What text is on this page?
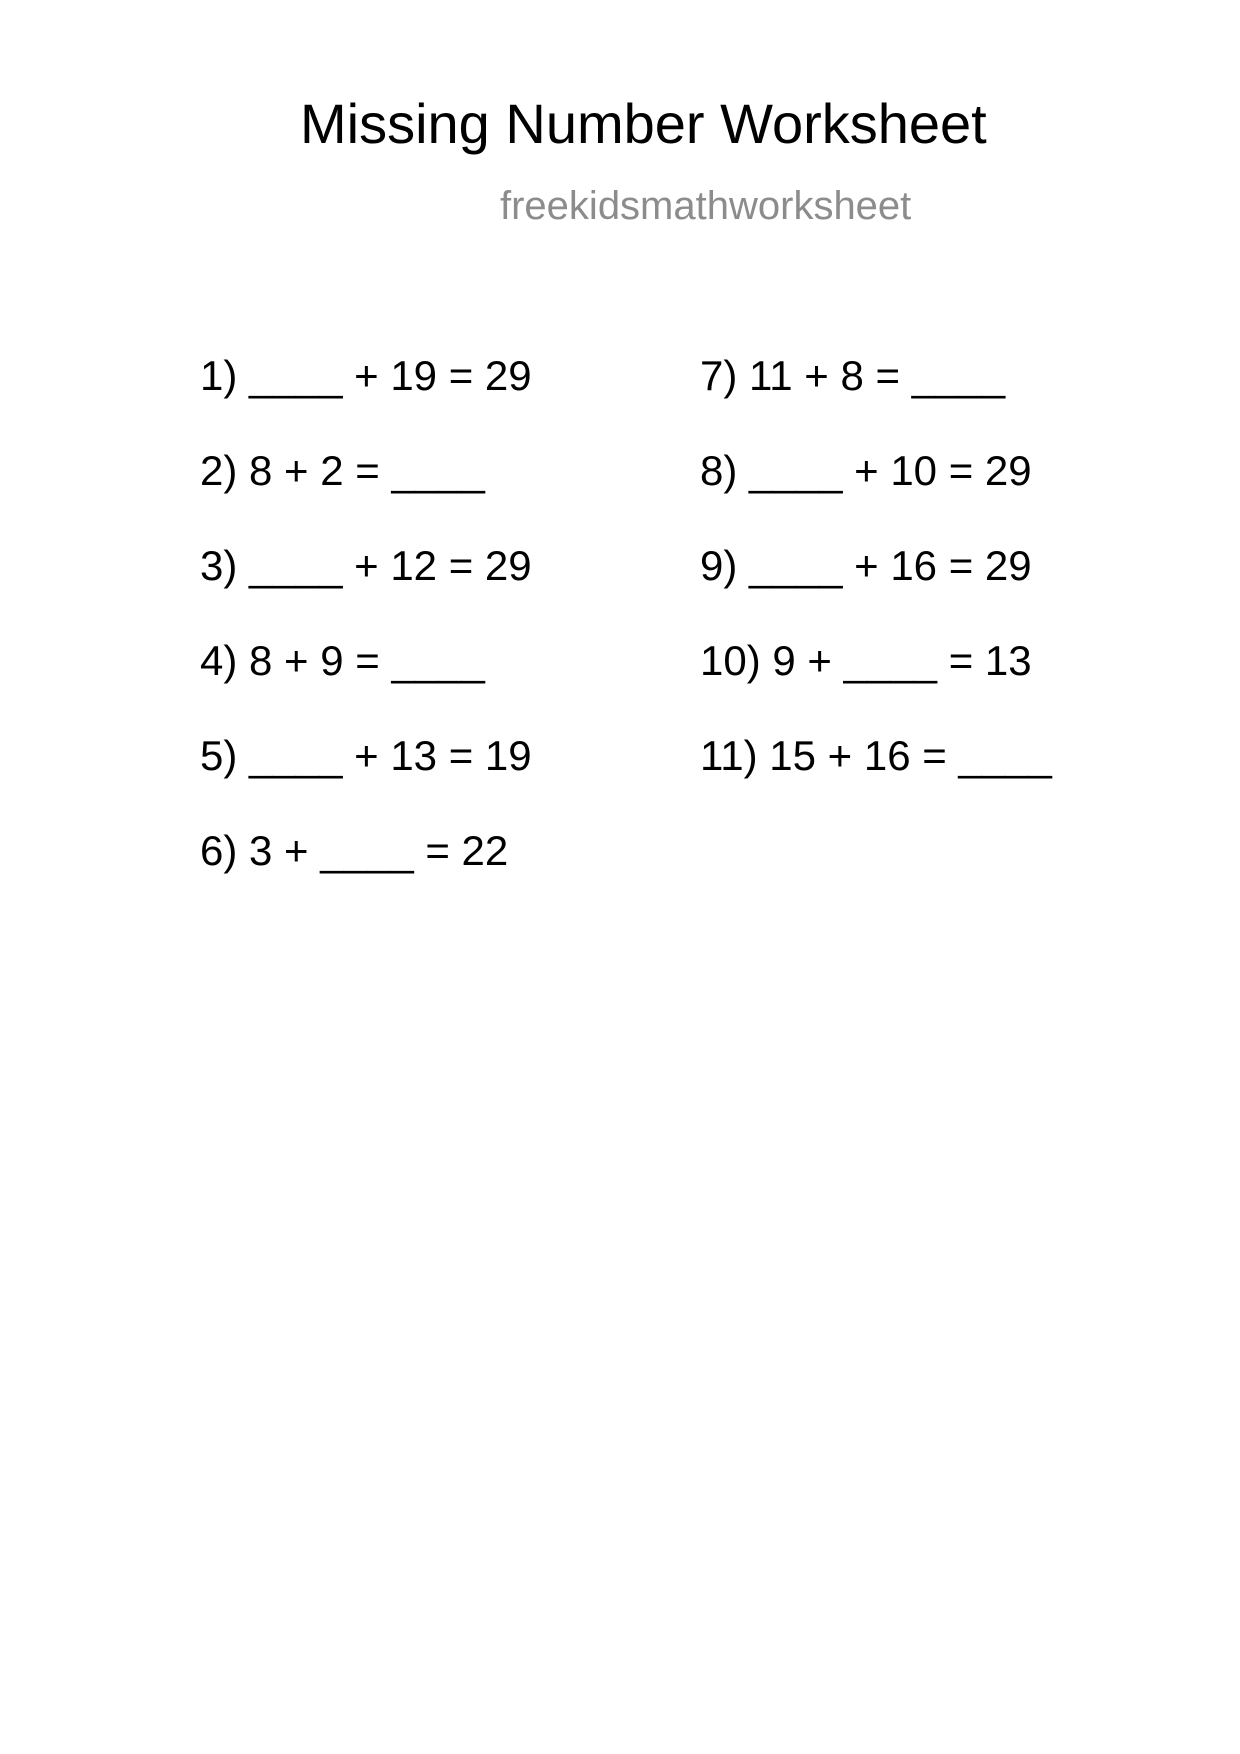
Missing Number Worksheet
freekidsmathworksheet
1) ____ + 19 = 29
2) 8 + 2 = ____
3) ____ + 12 = 29
4) 8 + 9 = ____
5) ____ + 13 = 19
6) 3 + ____ = 22
7) 11 + 8 = ____
8) ____ + 10 = 29
9) ____ + 16 = 29
10) 9 + ____ = 13
11) 15 + 16 = ____
